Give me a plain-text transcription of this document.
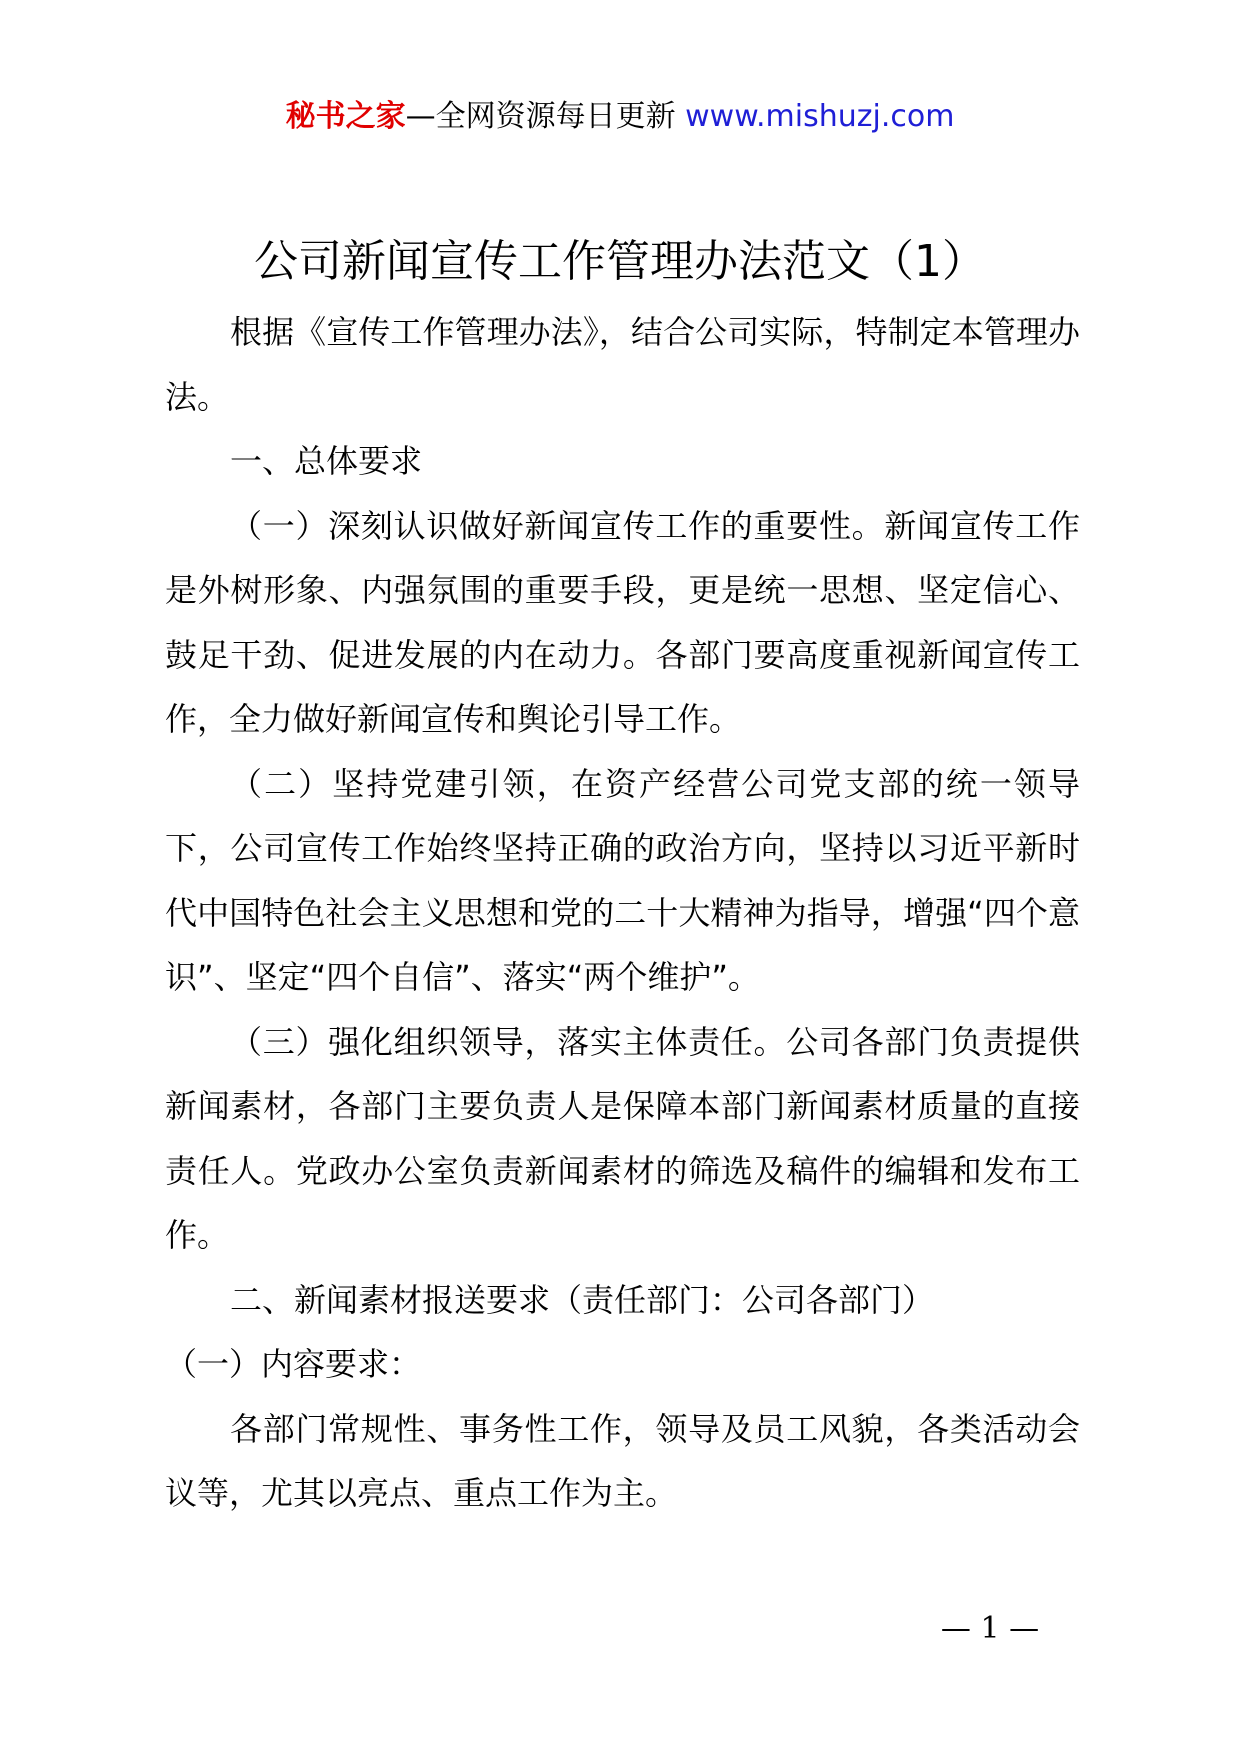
秘书之家—全网资源每日更新 www.mishuzj.com
公司新闻宣传工作管理办法范文（1）

根据《宣传工作管理办法》，结合公司实际，特制定本管理办法。

一、总体要求

（一）深刻认识做好新闻宣传工作的重要性。新闻宣传工作是外树形象、内强氛围的重要手段，更是统一思想、坚定信心、鼓足干劲、促进发展的内在动力。各部门要高度重视新闻宣传工作，全力做好新闻宣传和舆论引导工作。

（二）坚持党建引领，在资产经营公司党支部的统一领导下，公司宣传工作始终坚持正确的政治方向，坚持以习近平新时代中国特色社会主义思想和党的二十大精神为指导，增强“四个意识”、坚定“四个自信”、落实“两个维护”。

（三）强化组织领导，落实主体责任。公司各部门负责提供新闻素材，各部门主要负责人是保障本部门新闻素材质量的直接责任人。党政办公室负责新闻素材的筛选及稿件的编辑和发布工作。

二、新闻素材报送要求（责任部门：公司各部门）

（一）内容要求：

各部门常规性、事务性工作，领导及员工风貌，各类活动会议等，尤其以亮点、重点工作为主。

— 1 —
